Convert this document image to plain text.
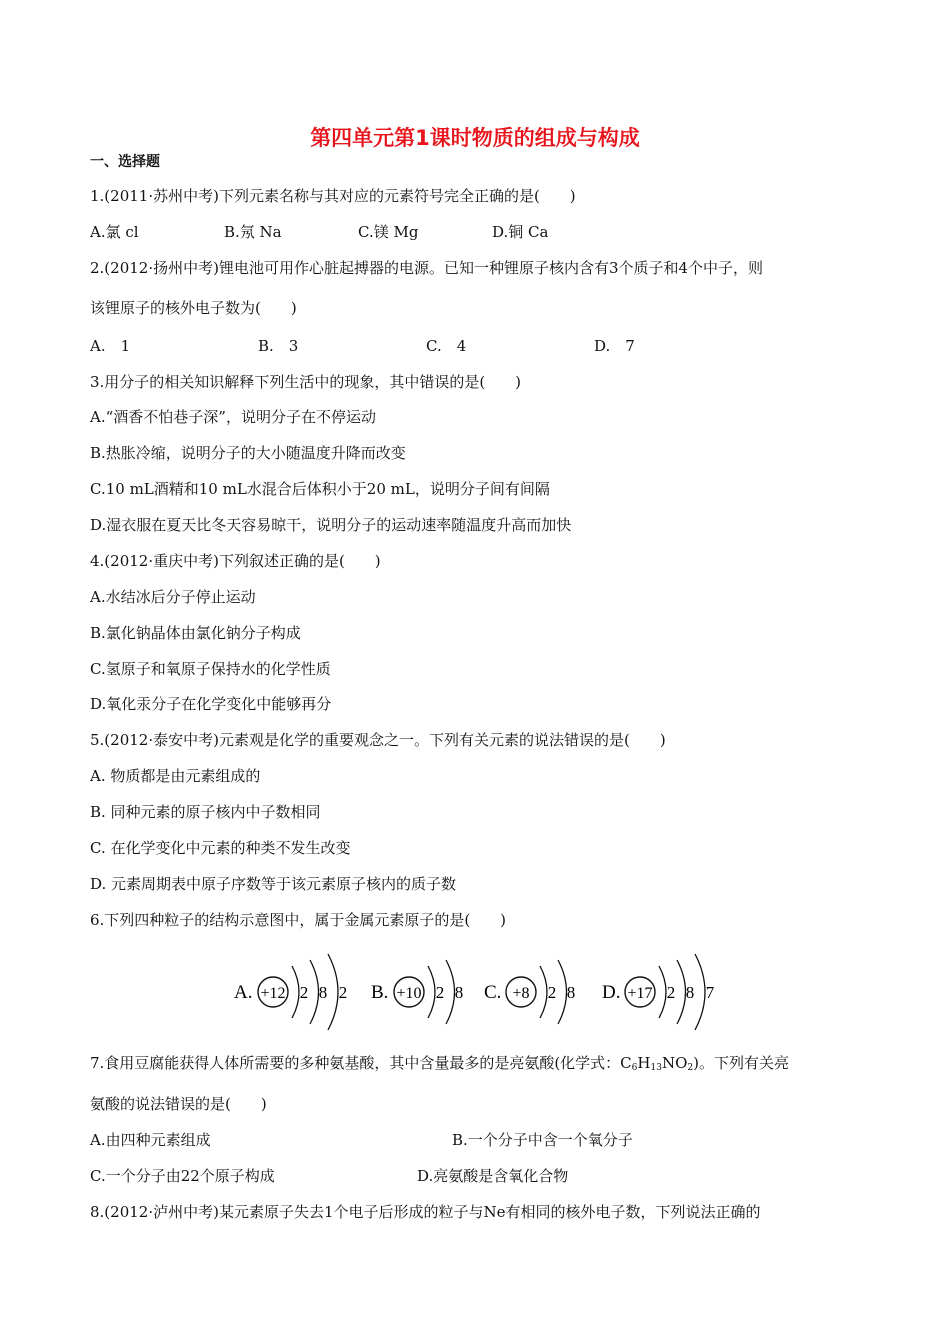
第四单元第1课时物质的组成与构成
一、选择题
1.(2011·苏州中考)下列元素名称与其对应的元素符号完全正确的是(　　)
A.氯 cl	B.氖 Na	C.镁 Mg	D.铜 Ca
2.(2012·扬州中考)锂电池可用作心脏起搏器的电源。已知一种锂原子核内含有3个质子和4个中子，则
该锂原子的核外电子数为(　　)
A.　1	B.　3	C.　4	D.　7
3.用分子的相关知识解释下列生活中的现象，其中错误的是(　　)
A.“酒香不怕巷子深”，说明分子在不停运动
B.热胀冷缩，说明分子的大小随温度升降而改变
C.10 mL酒精和10 mL水混合后体积小于20 mL，说明分子间有间隔
D.湿衣服在夏天比冬天容易晾干，说明分子的运动速率随温度升高而加快
4.(2012·重庆中考)下列叙述正确的是(　　)
A.水结冰后分子停止运动
B.氯化钠晶体由氯化钠分子构成
C.氢原子和氧原子保持水的化学性质
D.氧化汞分子在化学变化中能够再分
5.(2012·泰安中考)元素观是化学的重要观念之一。下列有关元素的说法错误的是(　　)
A. 物质都是由元素组成的
B. 同种元素的原子核内中子数相同
C. 在化学变化中元素的种类不发生改变
D. 元素周期表中原子序数等于该元素原子核内的质子数
6.下列四种粒子的结构示意图中，属于金属元素原子的是(　　)
A. +12 2 8 2 B. +10 2 8 C. +8 2 8 D. +17 2 8 7
7.食用豆腐能获得人体所需要的多种氨基酸，其中含量最多的是亮氨酸(化学式：$C_6H_{13}NO_2$)。下列有关亮
氨酸的说法错误的是(　　)
A.由四种元素组成	B.一个分子中含一个氧分子
C.一个分子由22个原子构成	D.亮氨酸是含氧化合物
8.(2012·泸州中考)某元素原子失去1个电子后形成的粒子与Ne有相同的核外电子数，下列说法正确的
